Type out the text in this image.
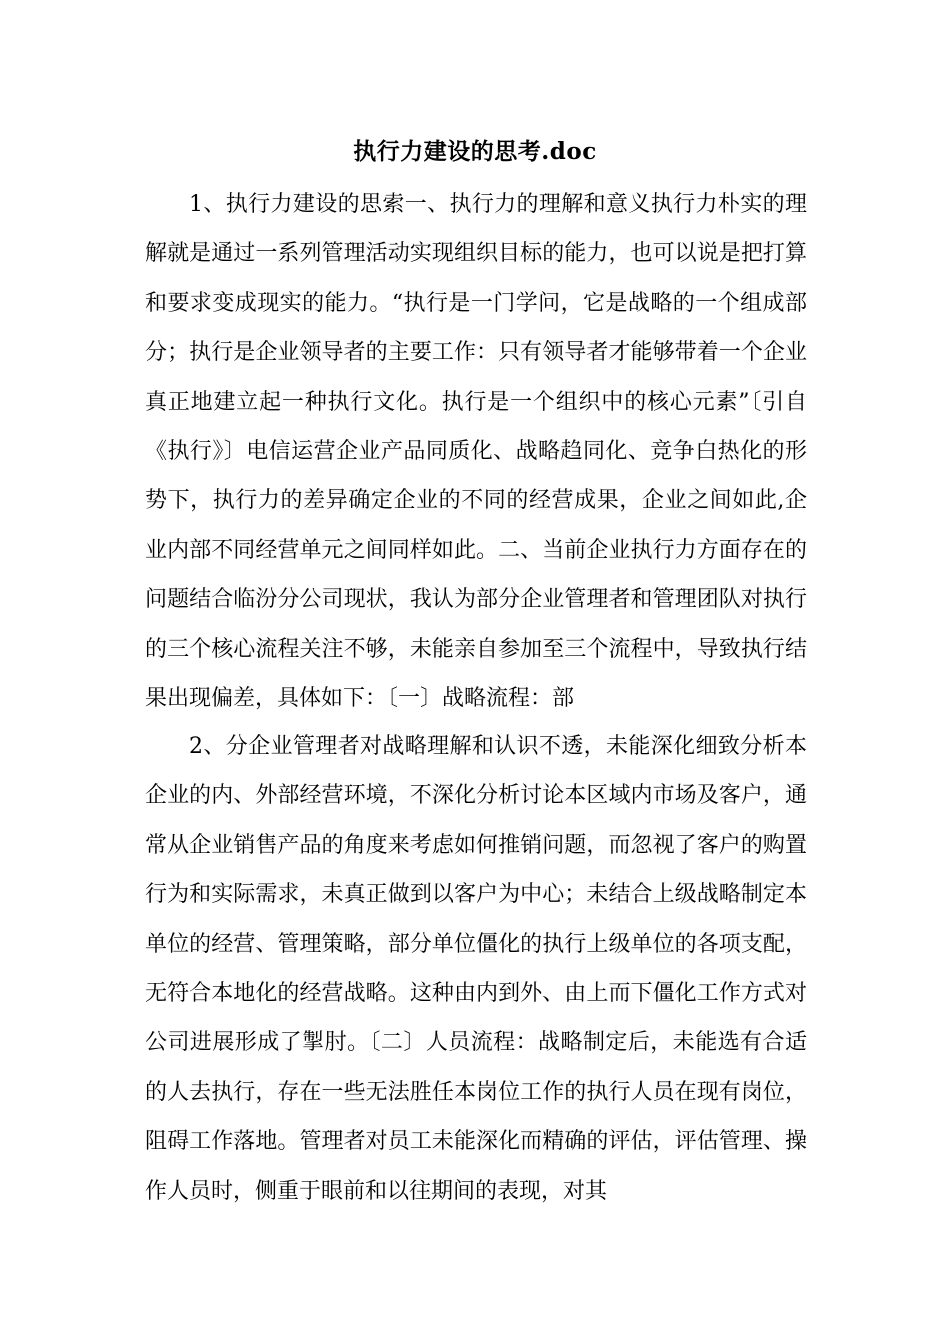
执行力建设的思考.doc

1、执行力建设的思索一、执行力的理解和意义执行力朴实的理解就是通过一系列管理活动实现组织目标的能力，也可以说是把打算和要求变成现实的能力。“执行是一门学问，它是战略的一个组成部分；执行是企业领导者的主要工作：只有领导者才能够带着一个企业真正地建立起一种执行文化。执行是一个组织中的核心元素”〔引自《执行》〕电信运营企业产品同质化、战略趋同化、竞争白热化的形势下，执行力的差异确定企业的不同的经营成果，企业之间如此,企业内部不同经营单元之间同样如此。二、当前企业执行力方面存在的问题结合临汾分公司现状，我认为部分企业管理者和管理团队对执行的三个核心流程关注不够，未能亲自参加至三个流程中，导致执行结果出现偏差，具体如下：〔一〕战略流程：部

2、分企业管理者对战略理解和认识不透，未能深化细致分析本企业的内、外部经营环境，不深化分析讨论本区域内市场及客户，通常从企业销售产品的角度来考虑如何推销问题，而忽视了客户的购置行为和实际需求，未真正做到以客户为中心；未结合上级战略制定本单位的经营、管理策略，部分单位僵化的执行上级单位的各项支配，无符合本地化的经营战略。这种由内到外、由上而下僵化工作方式对公司进展形成了掣肘。〔二〕人员流程：战略制定后，未能选有合适的人去执行，存在一些无法胜任本岗位工作的执行人员在现有岗位，阻碍工作落地。管理者对员工未能深化而精确的评估，评估管理、操作人员时，侧重于眼前和以往期间的表现，对其
